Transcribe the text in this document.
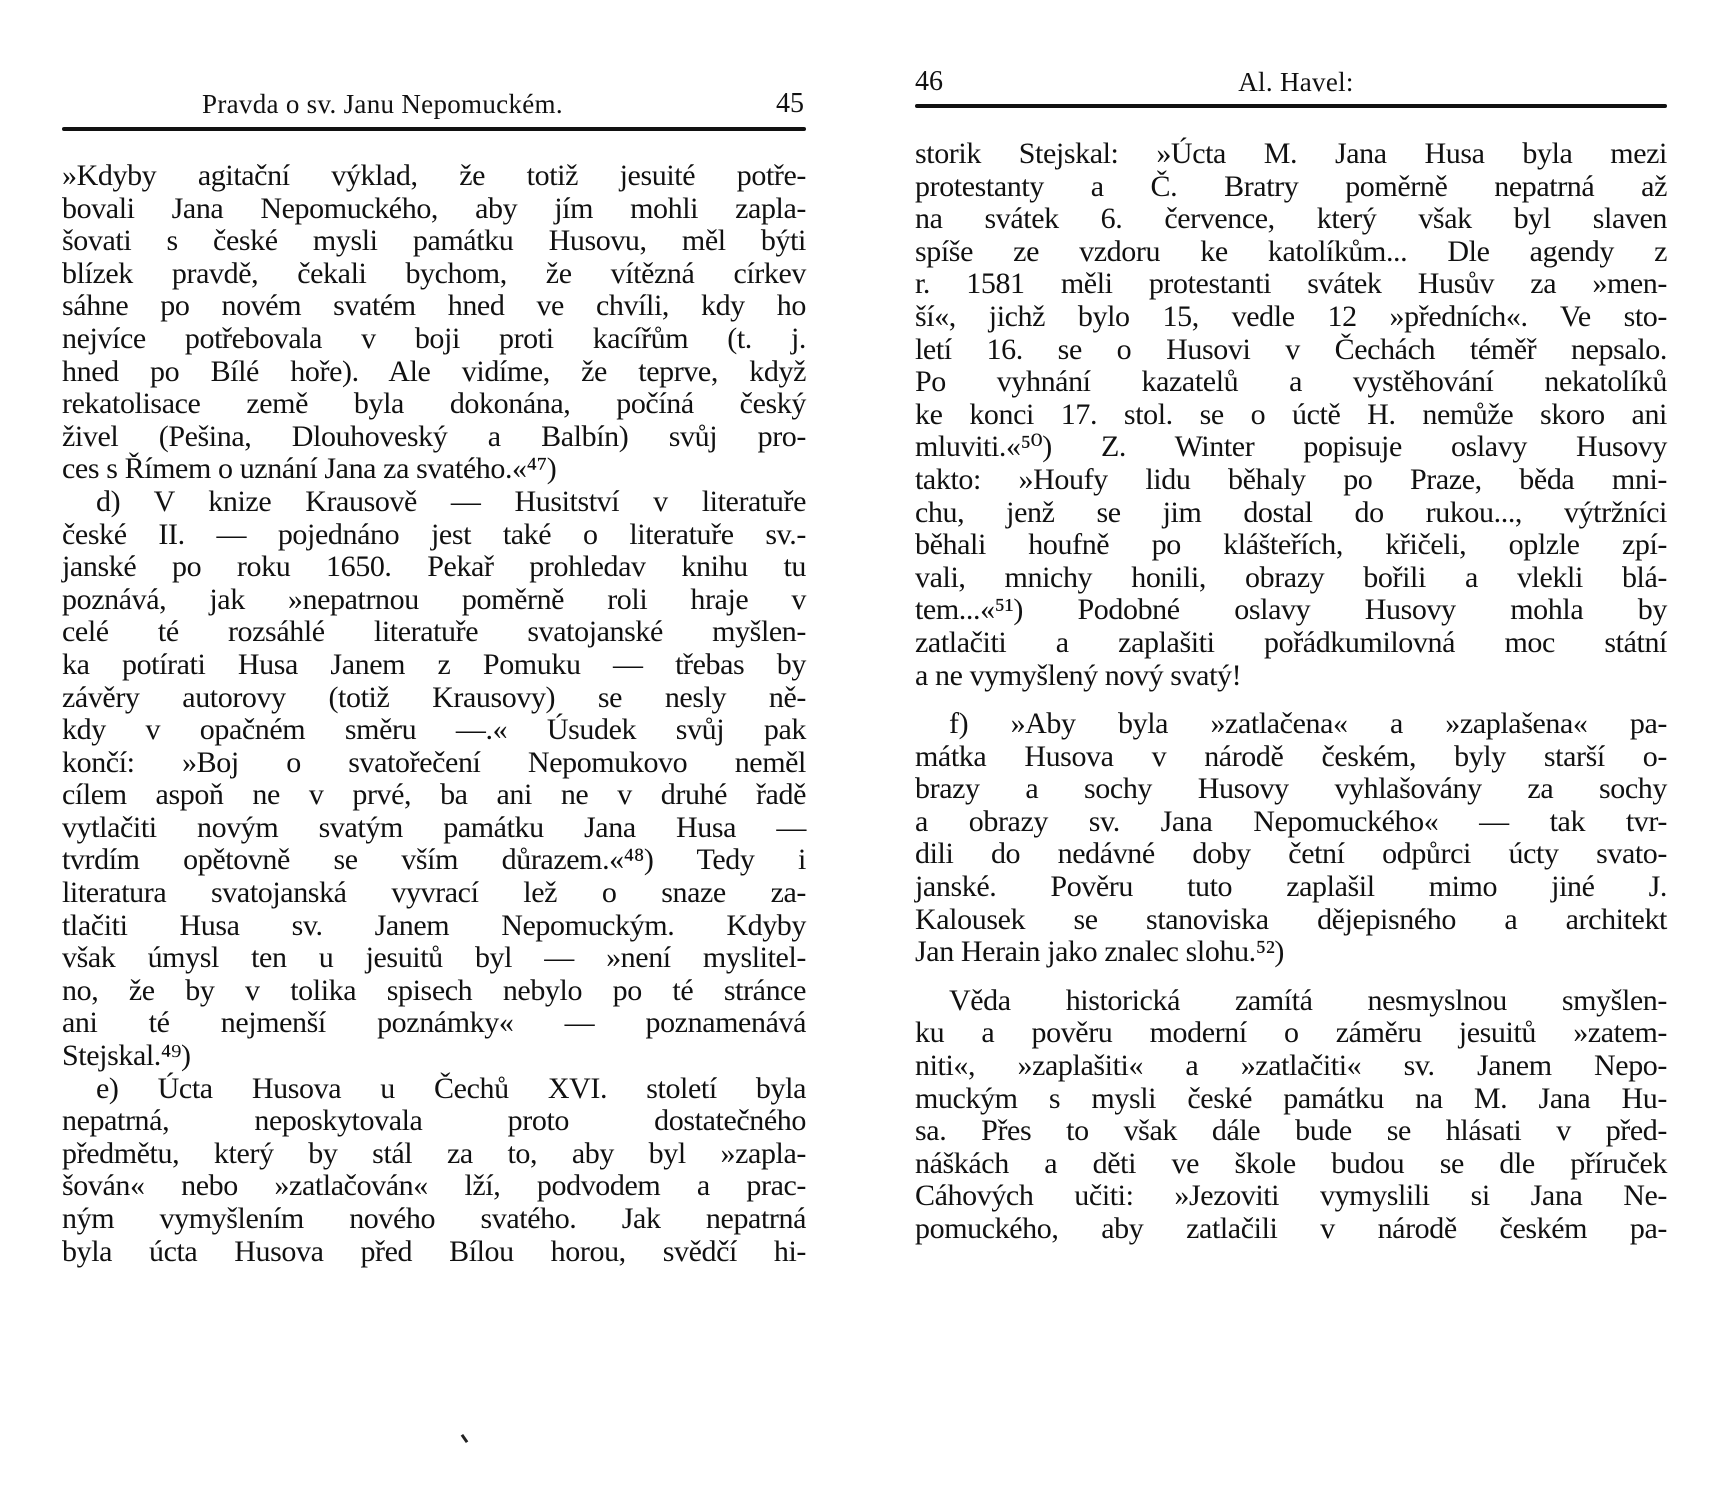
Pravda o sv. Janu Nepomuckém.	45
»Kdyby agitační výklad, že totiž jesuité potře-
bovali Jana Nepomuckého, aby jím mohli zapla-
šovati s české mysli památku Husovu, měl býti
blízek pravdě, čekali bychom, že vítězná církev
sáhne po novém svatém hned ve chvíli, kdy ho
nejvíce potřebovala v boji proti kacířům (t. j.
hned po Bílé hoře). Ale vidíme, že teprve, když
rekatolisace země byla dokonána, počíná český
živel (Pešina, Dlouhoveský a Balbín) svůj pro-
ces s Římem o uznání Jana za svatého.«⁴⁷)
d) V knize Krausově — Husitství v literatuře
české II. — pojednáno jest také o literatuře sv.-
janské po roku 1650. Pekař prohledav knihu tu
poznává, jak »nepatrnou poměrně roli hraje v
celé té rozsáhlé literatuře svatojanské myšlen-
ka potírati Husa Janem z Pomuku — třebas by
závěry autorovy (totiž Krausovy) se nesly ně-
kdy v opačném směru —.« Úsudek svůj pak
končí: »Boj o svatořečení Nepomukovo neměl
cílem aspoň ne v prvé, ba ani ne v druhé řadě
vytlačiti novým svatým památku Jana Husa —
tvrdím opětovně se vším důrazem.«⁴⁸) Tedy i
literatura svatojanská vyvrací lež o snaze za-
tlačiti Husa sv. Janem Nepomuckým. Kdyby
však úmysl ten u jesuitů byl — »není myslitel-
no, že by v tolika spisech nebylo po té stránce
ani té nejmenší poznámky« — poznamenává
Stejskal.⁴⁹)
e) Úcta Husova u Čechů XVI. století byla
nepatrná, neposkytovala proto dostatečného
předmětu, který by stál za to, aby byl »zapla-
šován« nebo »zatlačován« lží, podvodem a prac-
ným vymyšlením nového svatého. Jak nepatrná
byla úcta Husova před Bílou horou, svědčí hi-
46	Al. Havel:
storik Stejskal: »Úcta M. Jana Husa byla mezi
protestanty a Č. Bratry poměrně nepatrná až
na svátek 6. července, který však byl slaven
spíše ze vzdoru ke katolíkům... Dle agendy z
r. 1581 měli protestanti svátek Husův za »men-
ší«, jichž bylo 15, vedle 12 »předních«. Ve sto-
letí 16. se o Husovi v Čechách téměř nepsalo.
Po vyhnání kazatelů a vystěhování nekatolíků
ke konci 17. stol. se o úctě H. nemůže skoro ani
mluviti.«⁵⁰) Z. Winter popisuje oslavy Husovy
takto: »Houfy lidu běhaly po Praze, běda mni-
chu, jenž se jim dostal do rukou..., výtržníci
běhali houfně po klášteřích, křičeli, oplzle zpí-
vali, mnichy honili, obrazy bořili a vlekli blá-
tem...«⁵¹) Podobné oslavy Husovy mohla by
zatlačiti a zaplašiti pořádkumilovná moc státní
a ne vymyšlený nový svatý!
f) »Aby byla »zatlačena« a »zaplašena« pa-
mátka Husova v národě českém, byly starší o-
brazy a sochy Husovy vyhlašovány za sochy
a obrazy sv. Jana Nepomuckého« — tak tvr-
dili do nedávné doby četní odpůrci úcty svato-
janské. Pověru tuto zaplašil mimo jiné J.
Kalousek se stanoviska dějepisného a architekt
Jan Herain jako znalec slohu.⁵²)
Věda historická zamítá nesmyslnou smyšlen-
ku a pověru moderní o záměru jesuitů »zatem-
niti«, »zaplašiti« a »zatlačiti« sv. Janem Nepo-
muckým s mysli české památku na M. Jana Hu-
sa. Přes to však dále bude se hlásati v před-
náškách a děti ve škole budou se dle příruček
Cáhových učiti: »Jezoviti vymyslili si Jana Ne-
pomuckého, aby zatlačili v národě českém pa-
